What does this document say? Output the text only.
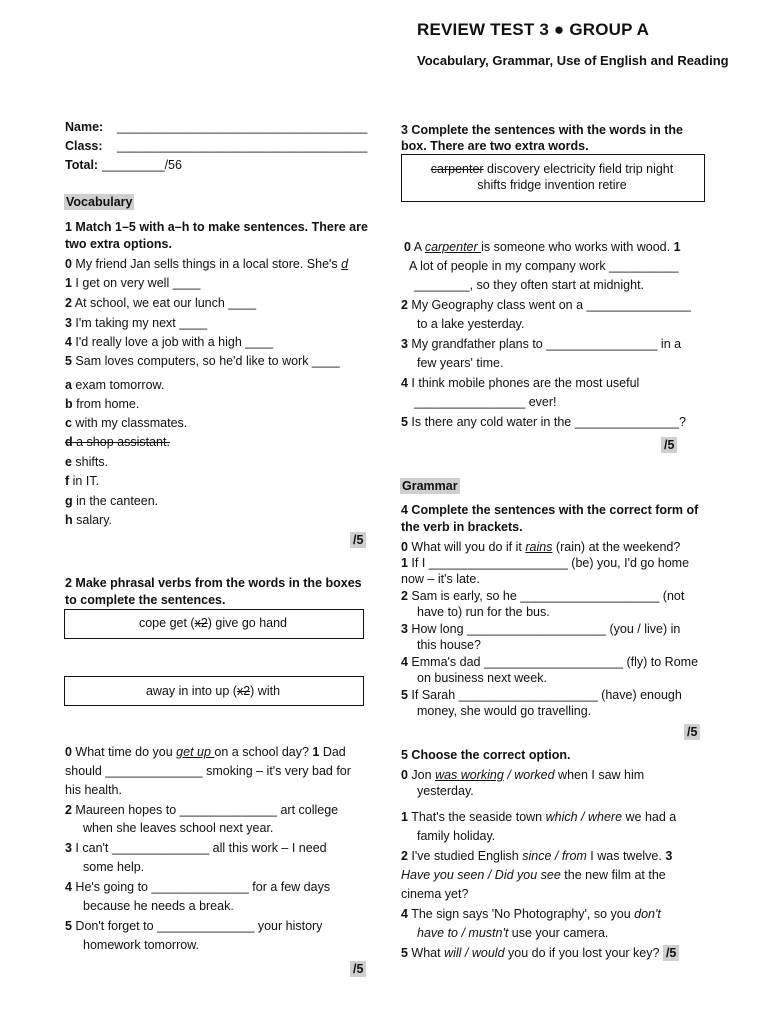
REVIEW TEST 3 ● GROUP A
Vocabulary, Grammar, Use of English and Reading
Name: ____________________________________
Class: ____________________________________
Total: _________/56
Vocabulary
1 Match 1–5 with a–h to make sentences. There are
two extra options.
0 My friend Jan sells things in a local store. She's d
1 I get on very well ____
2 At school, we eat our lunch ____
3 I'm taking my next ____
4 I'd really love a job with a high ____
5 Sam loves computers, so he'd like to work ____
a exam tomorrow.
b from home.
c with my classmates.
d a shop assistant.
e shifts.
f in IT.
g in the canteen.
h salary.
/5
2 Make phrasal verbs from the words in the boxes
to complete the sentences.
cope get (x2) give go hand
away in into up (x2) with
0 What time do you get up on a school day? 1 Dad
should ______________ smoking – it's very bad for
his health.
2 Maureen hopes to ______________ art college
when she leaves school next year.
3 I can't ______________ all this work – I need
some help.
4 He's going to ______________ for a few days
because he needs a break.
5 Don't forget to ______________ your history
homework tomorrow.
/5
3 Complete the sentences with the words in the
box. There are two extra words.
carpenter discovery electricity field trip night
shifts fridge invention retire
0 A carpenter is someone who works with wood. 1
A lot of people in my company work __________
________, so they often start at midnight.
2 My Geography class went on a _______________
to a lake yesterday.
3 My grandfather plans to ________________ in a
few years' time.
4 I think mobile phones are the most useful
________________ ever!
5 Is there any cold water in the _______________?
/5
Grammar
4 Complete the sentences with the correct form of
the verb in brackets.
0 What will you do if it rains (rain) at the weekend?
1 If I ____________________ (be) you, I'd go home
now – it's late.
2 Sam is early, so he ____________________ (not
have to) run for the bus.
3 How long ____________________ (you / live) in
this house?
4 Emma's dad ____________________ (fly) to Rome
on business next week.
5 If Sarah ____________________ (have) enough
money, she would go travelling.
/5
5 Choose the correct option.
0 Jon was working / worked when I saw him
yesterday.
1 That's the seaside town which / where we had a
family holiday.
2 I've studied English since / from I was twelve. 3
Have you seen / Did you see the new film at the
cinema yet?
4 The sign says 'No Photography', so you don't
have to / mustn't use your camera.
5 What will / would you do if you lost your key? /5
